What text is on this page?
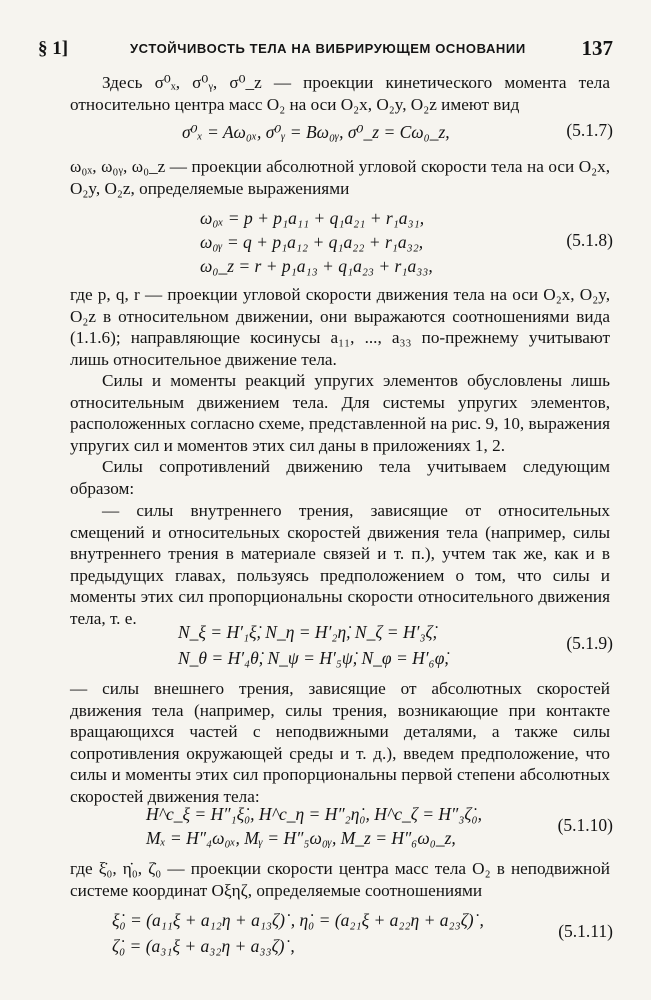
§ 1]	УСТОЙЧИВОСТЬ ТЕЛА НА ВИБРИРУЮЩЕМ ОСНОВАНИИ	137
Здесь σ⁰ₓ, σ⁰ᵧ, σ⁰_z — проекции кинетического момента тела относительно центра масс O₂ на оси O₂x, O₂y, O₂z имеют вид
σ⁰ₓ = Aω₀ₓ, σ⁰ᵧ = Bω₀ᵧ, σ⁰_z = Cω₀_z,	(5.1.7)
ω₀ₓ, ω₀ᵧ, ω₀_z — проекции абсолютной угловой скорости тела на оси O₂x, O₂y, O₂z, определяемые выражениями
ω₀ₓ = p + p₁a₁₁ + q₁a₂₁ + r₁a₃₁,
ω₀ᵧ = q + p₁a₁₂ + q₁a₂₂ + r₁a₃₂,
ω₀_z = r + p₁a₁₃ + q₁a₂₃ + r₁a₃₃,
(5.1.8)
где p, q, r — проекции угловой скорости движения тела на оси O₂x, O₂y, O₂z в относительном движении, они выражаются соотношениями вида (1.1.6); направляющие косинусы a₁₁, ..., a₃₃ по-прежнему учитывают лишь относительное движение тела.
Силы и моменты реакций упругих элементов обусловлены лишь относительным движением тела. Для системы упругих элементов, расположенных согласно схеме, представленной на рис. 9, 10, выражения упругих сил и моментов этих сил даны в приложениях 1, 2.
Силы сопротивлений движению тела учитываем следующим образом:
— силы внутреннего трения, зависящие от относительных смещений и относительных скоростей движения тела (например, силы внутреннего трения в материале связей и т. п.), учтем так же, как и в предыдущих главах, пользуясь предположением о том, что силы и моменты этих сил пропорциональны скорости относительного движения тела, т. е.
N_ξ = H′₁ξ̇, N_η = H′₂η̇, N_ζ = H′₃ζ̇,
N_θ = H′₄θ̇, N_ψ = H′₅ψ̇, N_φ = H′₆φ̇,
(5.1.9)
— силы внешнего трения, зависящие от абсолютных скоростей движения тела (например, силы трения, возникающие при контакте вращающихся частей с неподвижными деталями, а также силы сопротивления окружающей среды и т. д.), введем предположение, что силы и моменты этих сил пропорциональны первой степени абсолютных скоростей движения тела:
H^c_ξ = H″₁ξ̇₀, H^c_η = H″₂η̇₀, H^c_ζ = H″₃ζ̇₀,
Mₓ = H″₄ω₀ₓ, Mᵧ = H″₅ω₀ᵧ, M_z = H″₆ω₀_z,
(5.1.10)
где ξ̇₀, η̇₀, ζ̇₀ — проекции скорости центра масс тела O₂ в неподвижной системе координат Oξηζ, определяемые соотношениями
ξ̇₀ = (a₁₁ξ + a₁₂η + a₁₃ζ)˙, η̇₀ = (a₂₁ξ + a₂₂η + a₂₃ζ)˙,
ζ̇₀ = (a₃₁ξ + a₃₂η + a₃₃ζ)˙,
(5.1.11)
